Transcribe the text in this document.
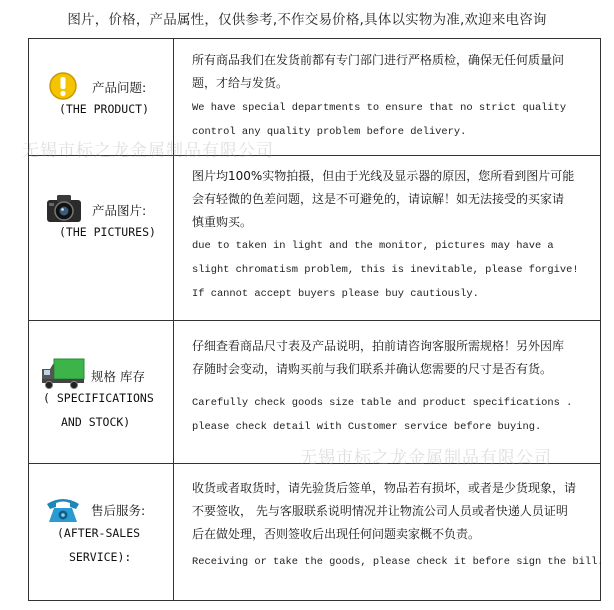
图片，价格，产品属性，仅供参考,不作交易价格,具体以实物为准,欢迎来电咨询
产品问题:
(THE PRODUCT)
所有商品我们在发货前都有专门部门进行严格质检，确保无任何质量问
题，才给与发货。
We have special departments to ensure that no strict quality
control any quality problem before delivery.
产品图片:
(THE PICTURES)
图片均100%实物拍摄，但由于光线及显示器的原因，您所看到图片可能
会有轻微的色差问题，这是不可避免的，请谅解！如无法接受的买家请
慎重购买。
due to taken in light and the monitor, pictures may have a
slight chromatism problem, this is inevitable, please forgive!
If cannot accept buyers please buy cautiously.
规格 库存
( SPECIFICATIONS
AND STOCK)
仔细查看商品尺寸表及产品说明，拍前请咨询客服所需规格！另外因库
存随时会变动，请购买前与我们联系并确认您需要的尺寸是否有货。
Carefully check goods size table and product specifications .
please check detail with Customer service before buying.
售后服务:
(AFTER-SALES
SERVICE):
收货或者取货时，请先验货后签单，物品若有损坏，或者是少货现象，请
不要签收， 先与客服联系说明情况并让物流公司人员或者快递人员证明
后在做处理，否则签收后出现任何问题卖家概不负责。
Receiving or take the goods, please check it before sign the bill.
无锡市标之龙金属制品有限公司
无锡市标之龙金属制品有限公司
